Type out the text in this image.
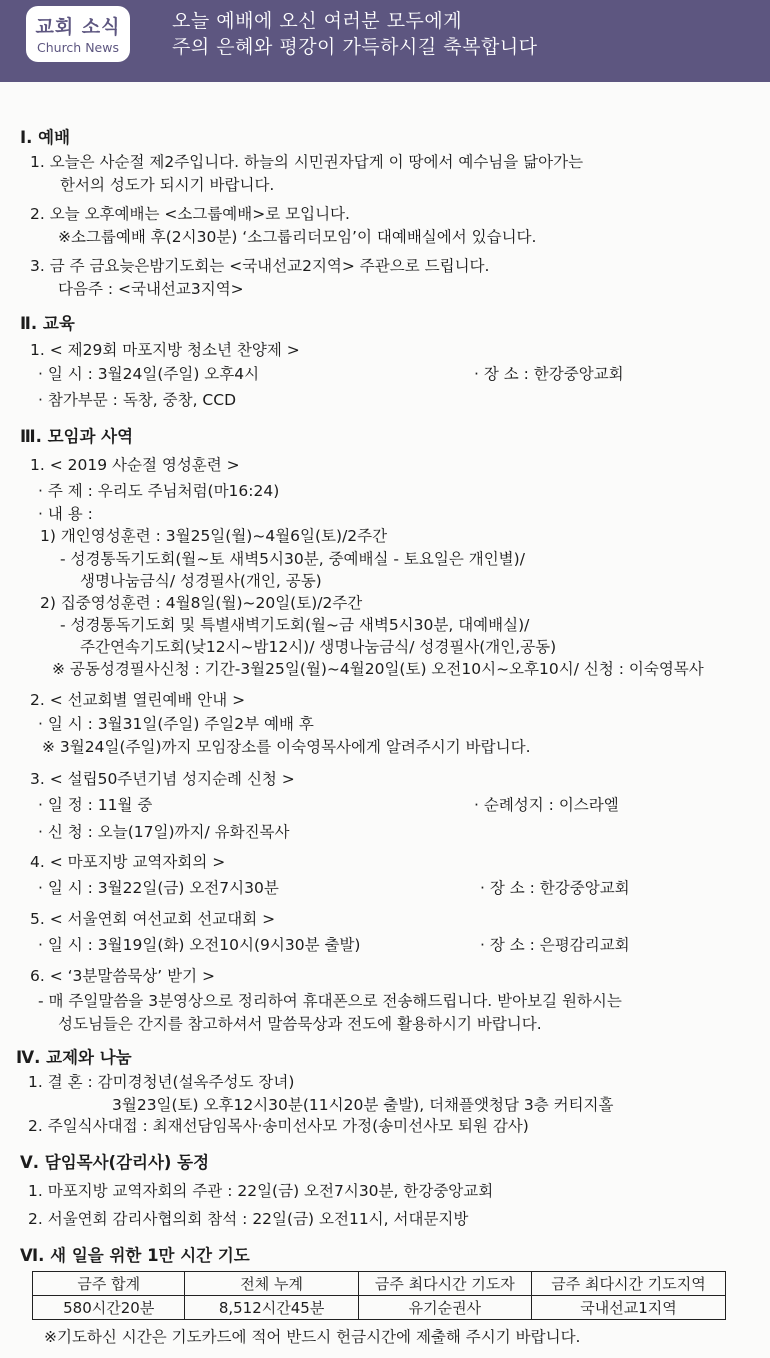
교회 소식
Church News
오늘 예배에 오신 여러분 모두에게
주의 은혜와 평강이 가득하시길 축복합니다
Ⅰ. 예배
1. 오늘은 사순절 제2주입니다. 하늘의 시민권자답게 이 땅에서 예수님을 닮아가는
한서의 성도가 되시기 바랍니다.
2. 오늘 오후예배는 <소그룹예배>로 모입니다.
※소그룹예배 후(2시30분) ‘소그룹리더모임’이 대예배실에서 있습니다.
3. 금 주 금요늦은밤기도회는 <국내선교2지역> 주관으로 드립니다.
다음주 : <국내선교3지역>
Ⅱ. 교육
1. < 제29회 마포지방 청소년 찬양제 >
· 일 시 : 3월24일(주일) 오후4시	· 장 소 : 한강중앙교회
· 참가부문 : 독창, 중창, CCD
Ⅲ. 모임과 사역
1. < 2019 사순절 영성훈련 >
· 주 제 : 우리도 주님처럼(마16:24)
· 내 용 :
1) 개인영성훈련 : 3월25일(월)~4월6일(토)/2주간
- 성경통독기도회(월~토 새벽5시30분, 중예배실 - 토요일은 개인별)/
생명나눔금식/ 성경필사(개인, 공동)
2) 집중영성훈련 : 4월8일(월)~20일(토)/2주간
- 성경통독기도회 및 특별새벽기도회(월~금 새벽5시30분, 대예배실)/
주간연속기도회(낮12시~밤12시)/ 생명나눔금식/ 성경필사(개인,공동)
※ 공동성경필사신청 : 기간-3월25일(월)~4월20일(토) 오전10시~오후10시/ 신청 : 이숙영목사
2. < 선교회별 열린예배 안내 >
· 일 시 : 3월31일(주일) 주일2부 예배 후
※ 3월24일(주일)까지 모임장소를 이숙영목사에게 알려주시기 바랍니다.
3. < 설립50주년기념 성지순례 신청 >
· 일 정 : 11월 중	· 순례성지 : 이스라엘
· 신 청 : 오늘(17일)까지/ 유화진목사
4. < 마포지방 교역자회의 >
· 일 시 : 3월22일(금) 오전7시30분	· 장 소 : 한강중앙교회
5. < 서울연회 여선교회 선교대회 >
· 일 시 : 3월19일(화) 오전10시(9시30분 출발)	· 장 소 : 은평감리교회
6. < ‘3분말씀묵상’ 받기 >
- 매 주일말씀을 3분영상으로 정리하여 휴대폰으로 전송해드립니다. 받아보길 원하시는
성도님들은 간지를 참고하셔서 말씀묵상과 전도에 활용하시기 바랍니다.
Ⅳ. 교제와 나눔
1. 결 혼 : 감미경청년(설옥주성도 장녀)
3월23일(토) 오후12시30분(11시20분 출발), 더채플앳청담 3층 커티지홀
2. 주일식사대접 : 최재선담임목사·송미선사모 가정(송미선사모 퇴원 감사)
Ⅴ. 담임목사(감리사) 동정
1. 마포지방 교역자회의 주관 : 22일(금) 오전7시30분, 한강중앙교회
2. 서울연회 감리사협의회 참석 : 22일(금) 오전11시, 서대문지방
Ⅵ. 새 일을 위한 1만 시간 기도
※기도하신 시간은 기도카드에 적어 반드시 헌금시간에 제출해 주시기 바랍니다.
금주 합계	전체 누계	금주 최다시간 기도자	금주 최다시간 기도지역
580시간20분	8,512시간45분	유기순권사	국내선교1지역
